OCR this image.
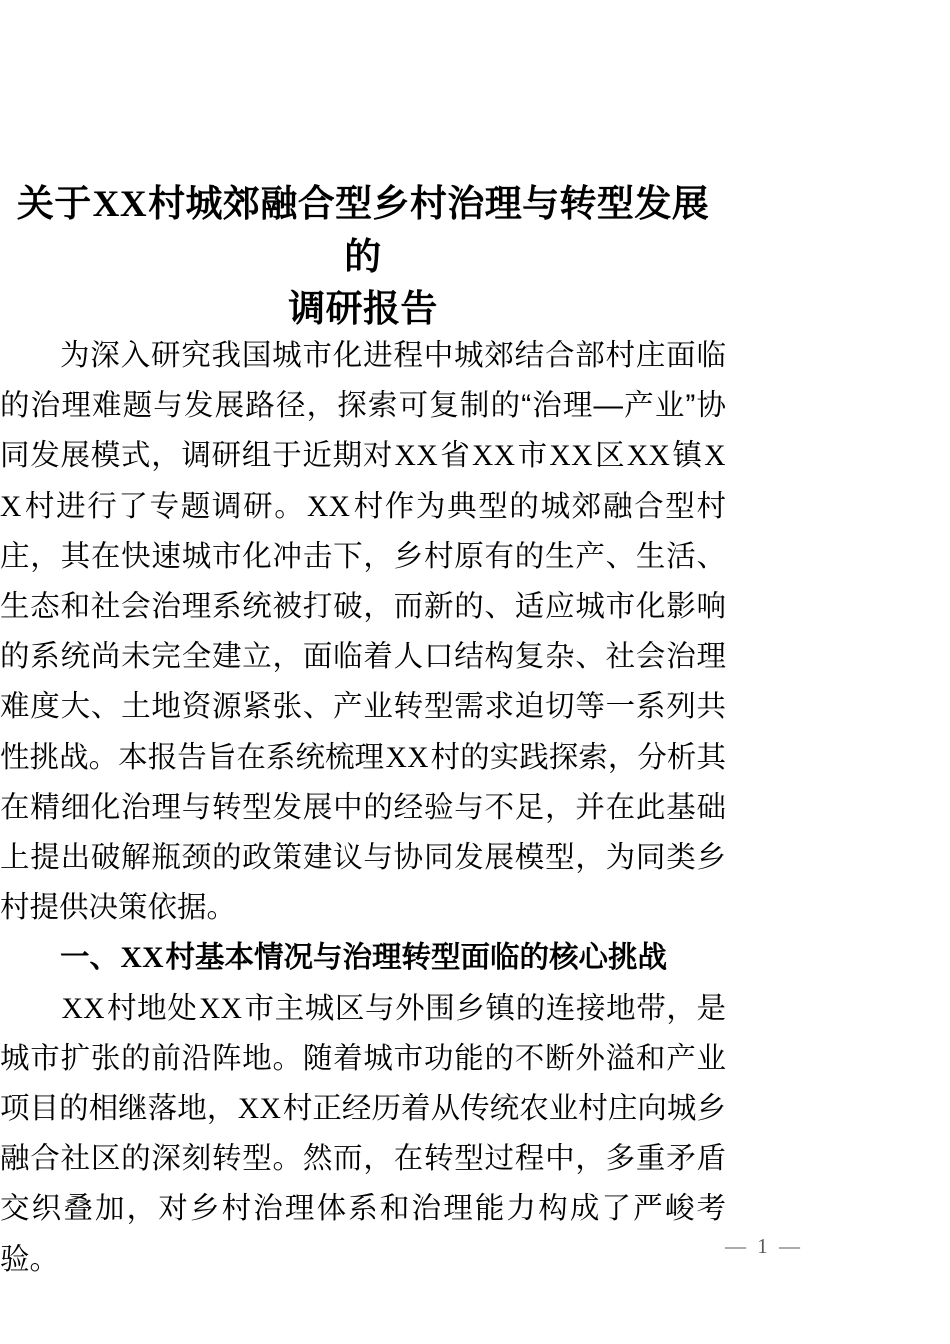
关于XX村城郊融合型乡村治理与转型发展的
调研报告

为深入研究我国城市化进程中城郊结合部村庄面临的治理难题与发展路径，探索可复制的“治理—产业”协同发展模式，调研组于近期对XX省XX市XX区XX镇XX村进行了专题调研。XX村作为典型的城郊融合型村庄，其在快速城市化冲击下，乡村原有的生产、生活、生态和社会治理系统被打破，而新的、适应城市化影响的系统尚未完全建立，面临着人口结构复杂、社会治理难度大、土地资源紧张、产业转型需求迫切等一系列共性挑战。本报告旨在系统梳理XX村的实践探索，分析其在精细化治理与转型发展中的经验与不足，并在此基础上提出破解瓶颈的政策建议与协同发展模型，为同类乡村提供决策依据。

一、XX村基本情况与治理转型面临的核心挑战

XX村地处XX市主城区与外围乡镇的连接地带，是城市扩张的前沿阵地。随着城市功能的不断外溢和产业项目的相继落地，XX村正经历着从传统农业村庄向城乡融合社区的深刻转型。然而，在转型过程中，多重矛盾交织叠加，对乡村治理体系和治理能力构成了严峻考验。	— 1 —
